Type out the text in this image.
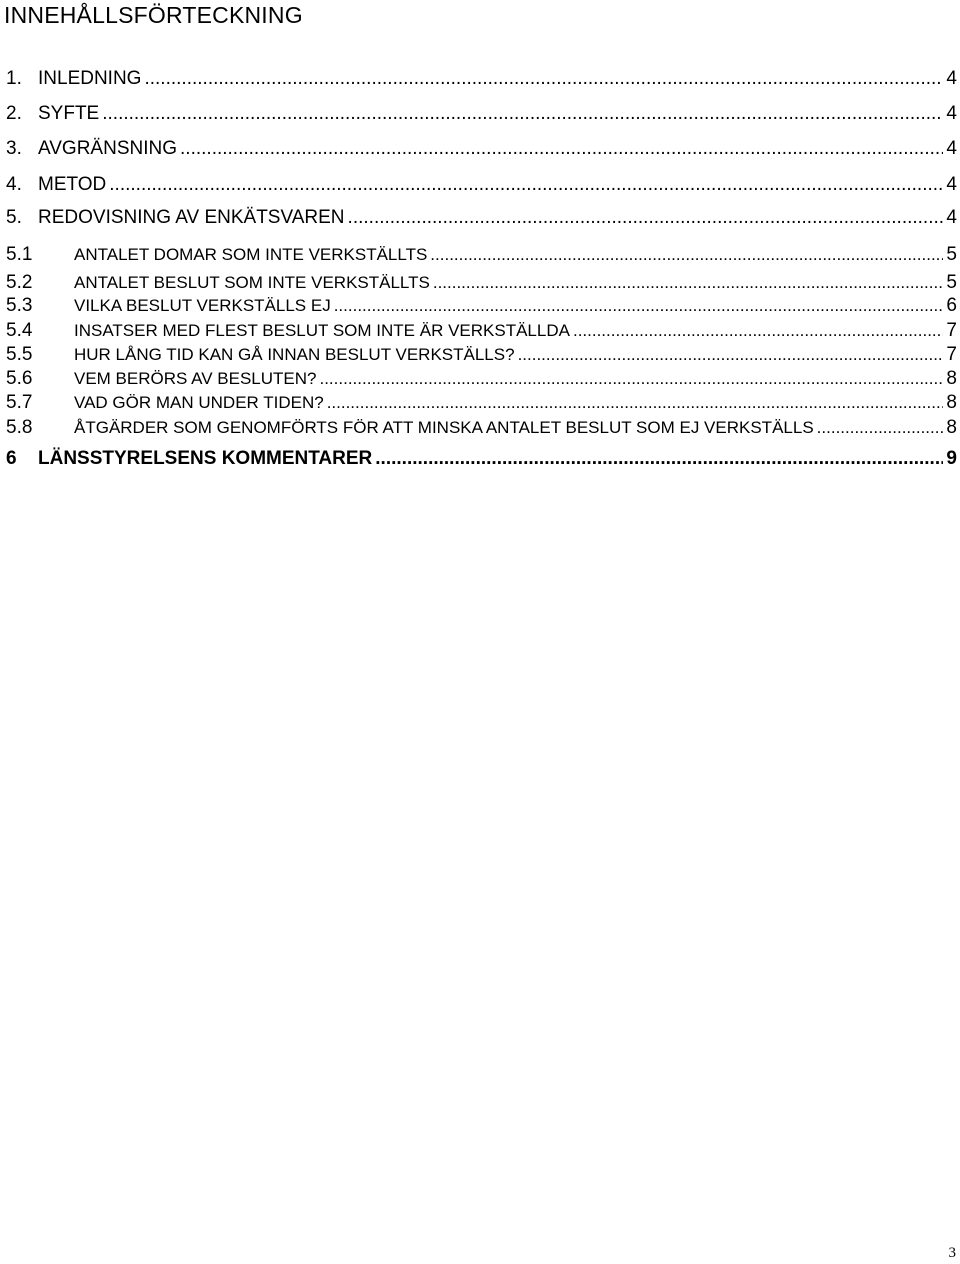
INNEHÅLLSFÖRTECKNING
1. INLEDNING .....	4
2. SYFTE .....	4
3. AVGRÄNSNING .....	4
4. METOD .....	4
5. REDOVISNING AV ENKÄTSVAREN .....	4
5.1	ANTALET DOMAR SOM INTE VERKSTÄLLTS .....	5
5.2	ANTALET BESLUT SOM INTE VERKSTÄLLTS .....	5
5.3	VILKA BESLUT VERKSTÄLLS EJ .....	6
5.4	INSATSER MED FLEST BESLUT SOM INTE ÄR VERKSTÄLLDA .....	7
5.5	HUR LÅNG TID KAN GÅ INNAN BESLUT VERKSTÄLLS? .....	7
5.6	VEM BERÖRS AV BESLUTEN? .....	8
5.7	VAD GÖR MAN UNDER TIDEN? .....	8
5.8	ÅTGÄRDER SOM GENOMFÖRTS FÖR ATT MINSKA ANTALET BESLUT SOM EJ VERKSTÄLLS .....	8
6	LÄNSSTYRELSENS KOMMENTARER .....	9
3
